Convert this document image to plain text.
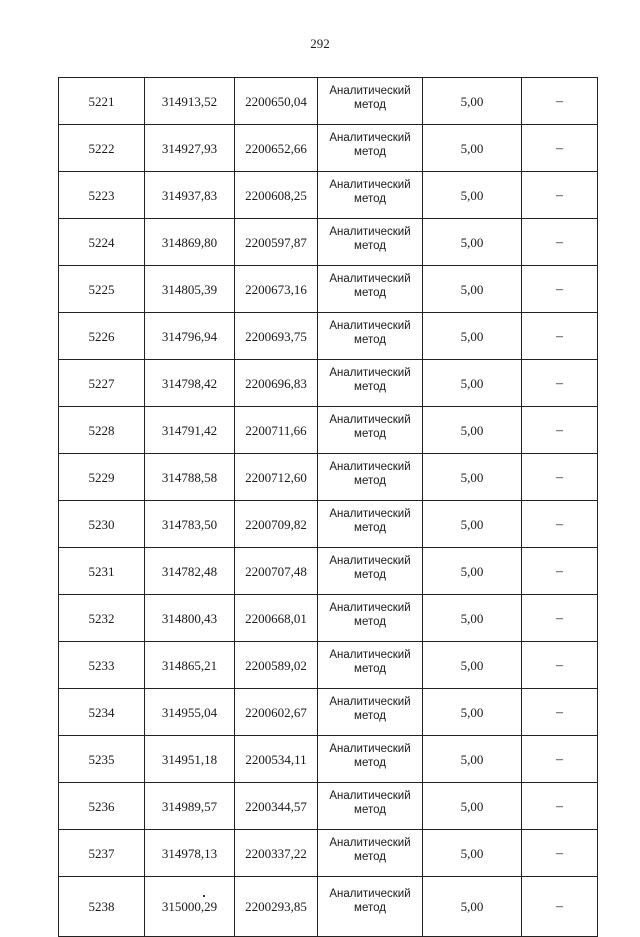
292
5221	314913,52	2200650,04	Аналитический метод	5,00	–
5222	314927,93	2200652,66	Аналитический метод	5,00	–
5223	314937,83	2200608,25	Аналитический метод	5,00	–
5224	314869,80	2200597,87	Аналитический метод	5,00	–
5225	314805,39	2200673,16	Аналитический метод	5,00	–
5226	314796,94	2200693,75	Аналитический метод	5,00	–
5227	314798,42	2200696,83	Аналитический метод	5,00	–
5228	314791,42	2200711,66	Аналитический метод	5,00	–
5229	314788,58	2200712,60	Аналитический метод	5,00	–
5230	314783,50	2200709,82	Аналитический метод	5,00	–
5231	314782,48	2200707,48	Аналитический метод	5,00	–
5232	314800,43	2200668,01	Аналитический метод	5,00	–
5233	314865,21	2200589,02	Аналитический метод	5,00	–
5234	314955,04	2200602,67	Аналитический метод	5,00	–
5235	314951,18	2200534,11	Аналитический метод	5,00	–
5236	314989,57	2200344,57	Аналитический метод	5,00	–
5237	314978,13	2200337,22	Аналитический метод	5,00	–
5238	315000,29	2200293,85	Аналитический метод	5,00	–
